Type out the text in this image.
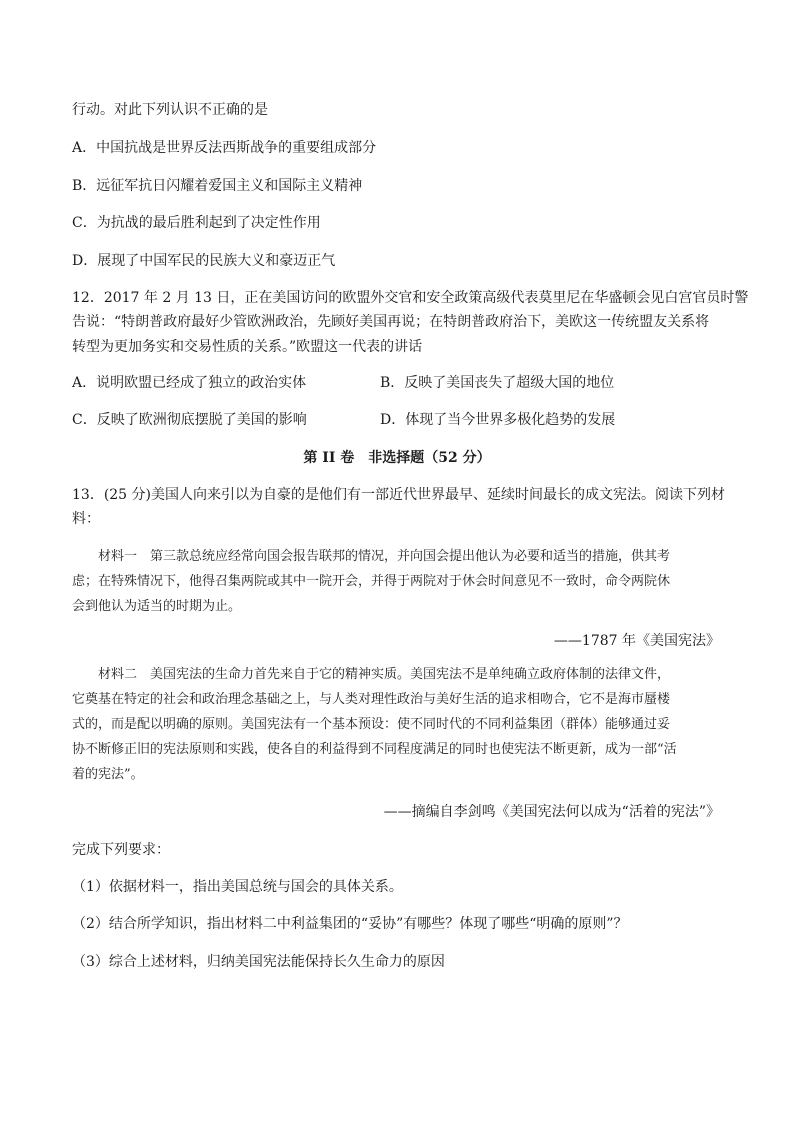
行动。对此下列认识不正确的是
A．中国抗战是世界反法西斯战争的重要组成部分
B．远征军抗日闪耀着爱国主义和国际主义精神
C．为抗战的最后胜利起到了决定性作用
D．展现了中国军民的民族大义和豪迈正气
12．2017 年 2 月 13 日，正在美国访问的欧盟外交官和安全政策高级代表莫里尼在华盛顿会见白宫官员时警
告说：“特朗普政府最好少管欧洲政治，先顾好美国再说；在特朗普政府治下，美欧这一传统盟友关系将
转型为更加务实和交易性质的关系。”欧盟这一代表的讲话
A．说明欧盟已经成了独立的政治实体	B．反映了美国丧失了超级大国的地位
C．反映了欧洲彻底摆脱了美国的影响	D．体现了当今世界多极化趋势的发展
第 II 卷　非选择题（52 分）
13．(25 分)美国人向来引以为自豪的是他们有一部近代世界最早、延续时间最长的成文宪法。阅读下列材
料：

　　材料一　第三款总统应经常向国会报告联邦的情况，并向国会提出他认为必要和适当的措施，供其考

虑；在特殊情况下，他得召集两院或其中一院开会，并得于两院对于休会时间意见不一致时，命令两院休

会到他认为适当的时期为止。

——1787 年《美国宪法》

　　材料二　美国宪法的生命力首先来自于它的精神实质。美国宪法不是单纯确立政府体制的法律文件，

它奠基在特定的社会和政治理念基础之上，与人类对理性政治与美好生活的追求相吻合，它不是海市蜃楼

式的，而是配以明确的原则。美国宪法有一个基本预设：使不同时代的不同利益集团（群体）能够通过妥

协不断修正旧的宪法原则和实践，使各自的利益得到不同程度满足的同时也使宪法不断更新，成为一部“活

着的宪法”。

——摘编自李剑鸣《美国宪法何以成为“活着的宪法”》
完成下列要求：
（1）依据材料一，指出美国总统与国会的具体关系。
（2）结合所学知识，指出材料二中利益集团的“妥协”有哪些？体现了哪些“明确的原则”？
（3）综合上述材料，归纳美国宪法能保持长久生命力的原因
